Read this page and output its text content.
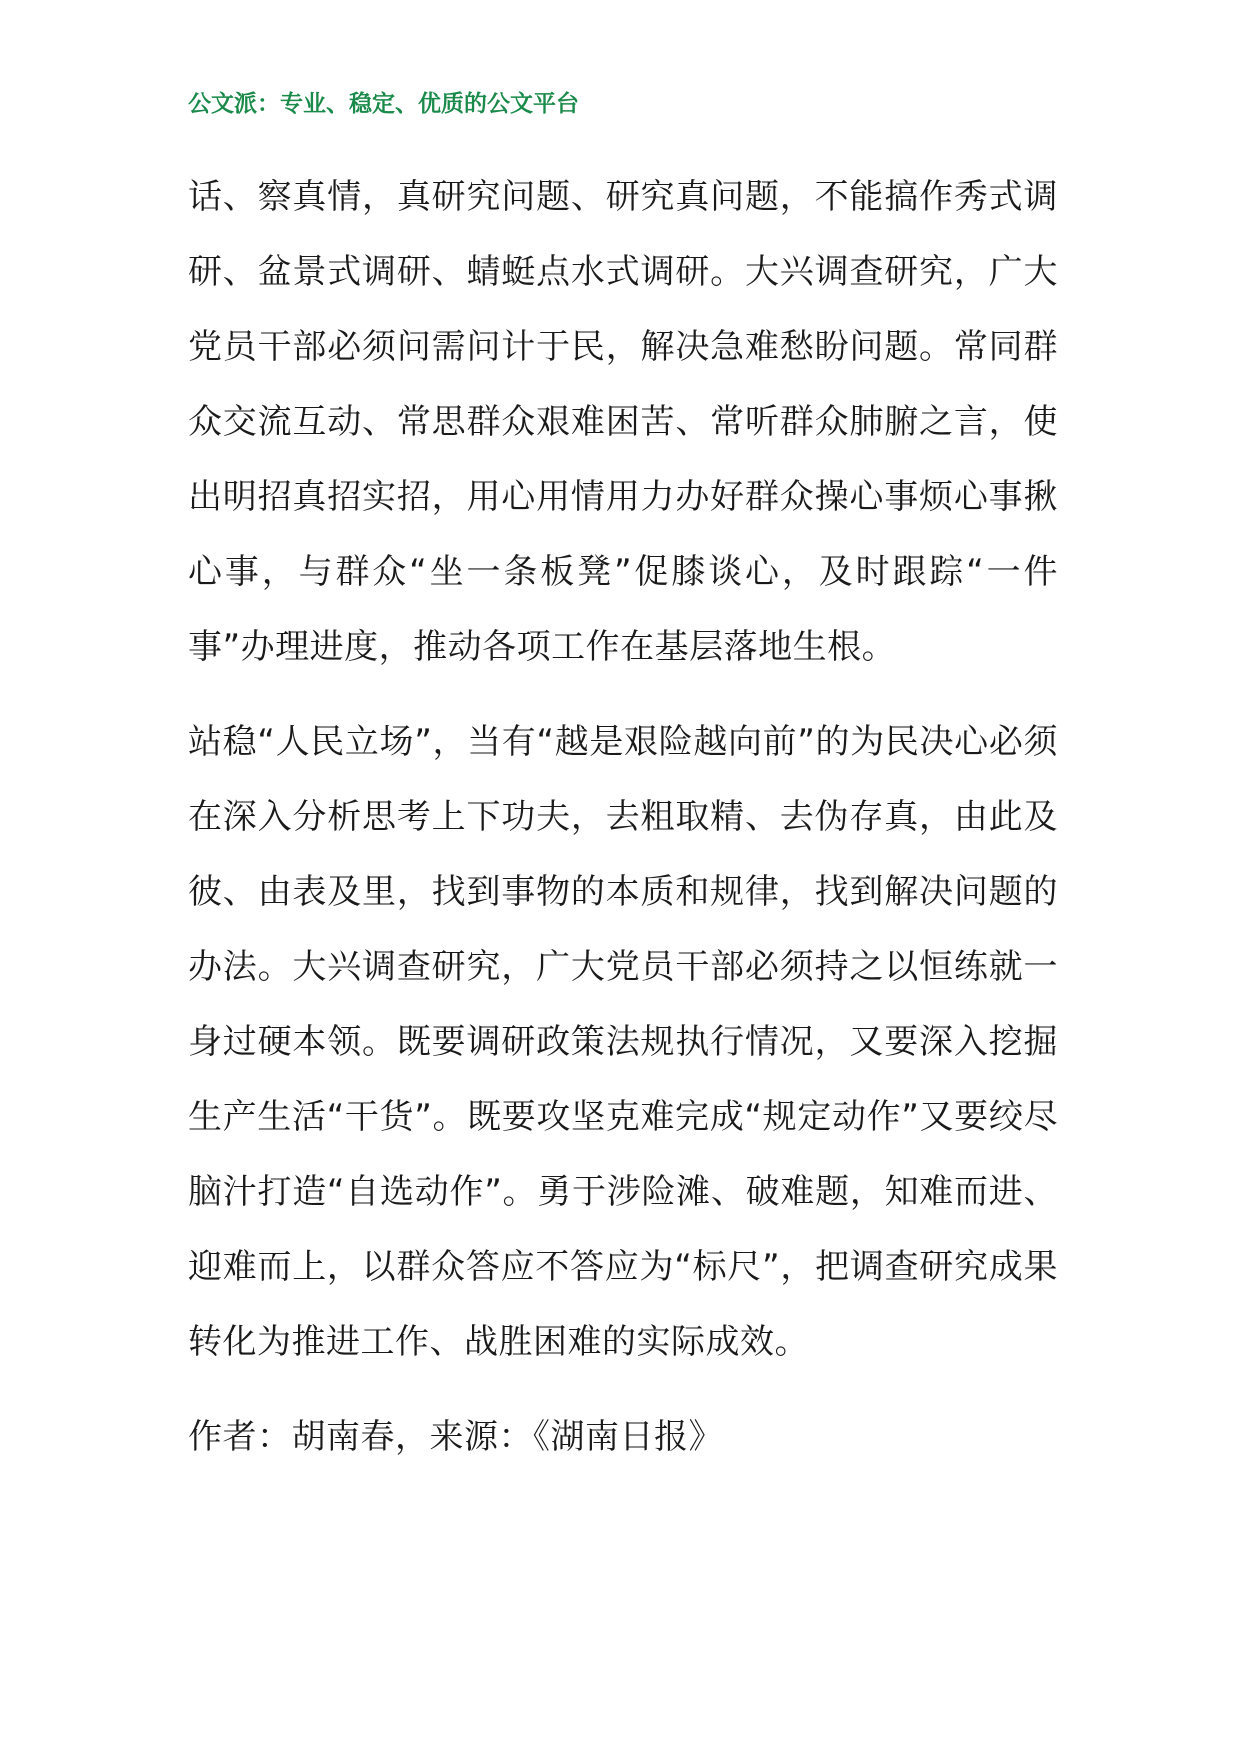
公文派：专业、稳定、优质的公文平台

话、察真情，真研究问题、研究真问题，不能搞作秀式调研、盆景式调研、蜻蜓点水式调研。大兴调查研究，广大党员干部必须问需问计于民，解决急难愁盼问题。常同群众交流互动、常思群众艰难困苦、常听群众肺腑之言，使出明招真招实招，用心用情用力办好群众操心事烦心事揪心事，与群众“坐一条板凳”促膝谈心，及时跟踪“一件事”办理进度，推动各项工作在基层落地生根。

站稳“人民立场”，当有“越是艰险越向前”的为民决心必须在深入分析思考上下功夫，去粗取精、去伪存真，由此及彼、由表及里，找到事物的本质和规律，找到解决问题的办法。大兴调查研究，广大党员干部必须持之以恒练就一身过硬本领。既要调研政策法规执行情况，又要深入挖掘生产生活“干货”。既要攻坚克难完成“规定动作”又要绞尽脑汁打造“自选动作”。勇于涉险滩、破难题，知难而进、迎难而上，以群众答应不答应为“标尺”，把调查研究成果转化为推进工作、战胜困难的实际成效。

作者：胡南春，来源：《湖南日报》
